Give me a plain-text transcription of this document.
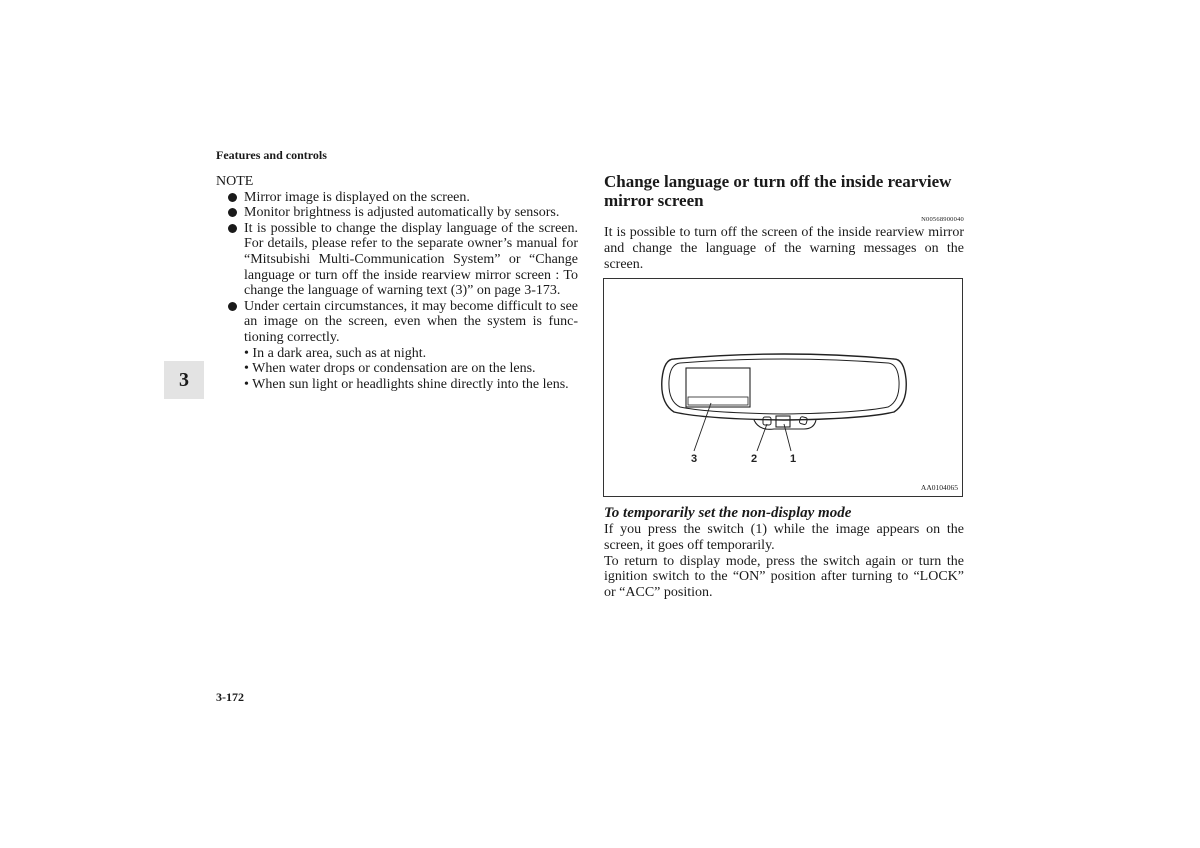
Features and controls
3
NOTE
Mirror image is displayed on the screen.
Monitor brightness is adjusted automatically by sensors.
It is possible to change the display language of the screen. For details, please refer to the separate owner’s manual for “Mitsubishi Multi-Communication System” or “Change language or turn off the inside rearview mirror screen : To change the language of warning text (3)” on page 3-173.
Under certain circumstances, it may become difficult to see an image on the screen, even when the system is func-tioning correctly.
• In a dark area, such as at night.
• When water drops or condensation are on the lens.
• When sun light or headlights shine directly into the lens.
Change language or turn off the inside rearview mirror screen
N00568900040

It is possible to turn off the screen of the inside rearview mirror and change the language of the warning messages on the screen.

3	2	1
AA0104065
To temporarily set the non-display mode

If you press the switch (1) while the image appears on the screen, it goes off temporarily.

To return to display mode, press the switch again or turn the ignition switch to the “ON” position after turning to “LOCK” or “ACC” position.

3-172
